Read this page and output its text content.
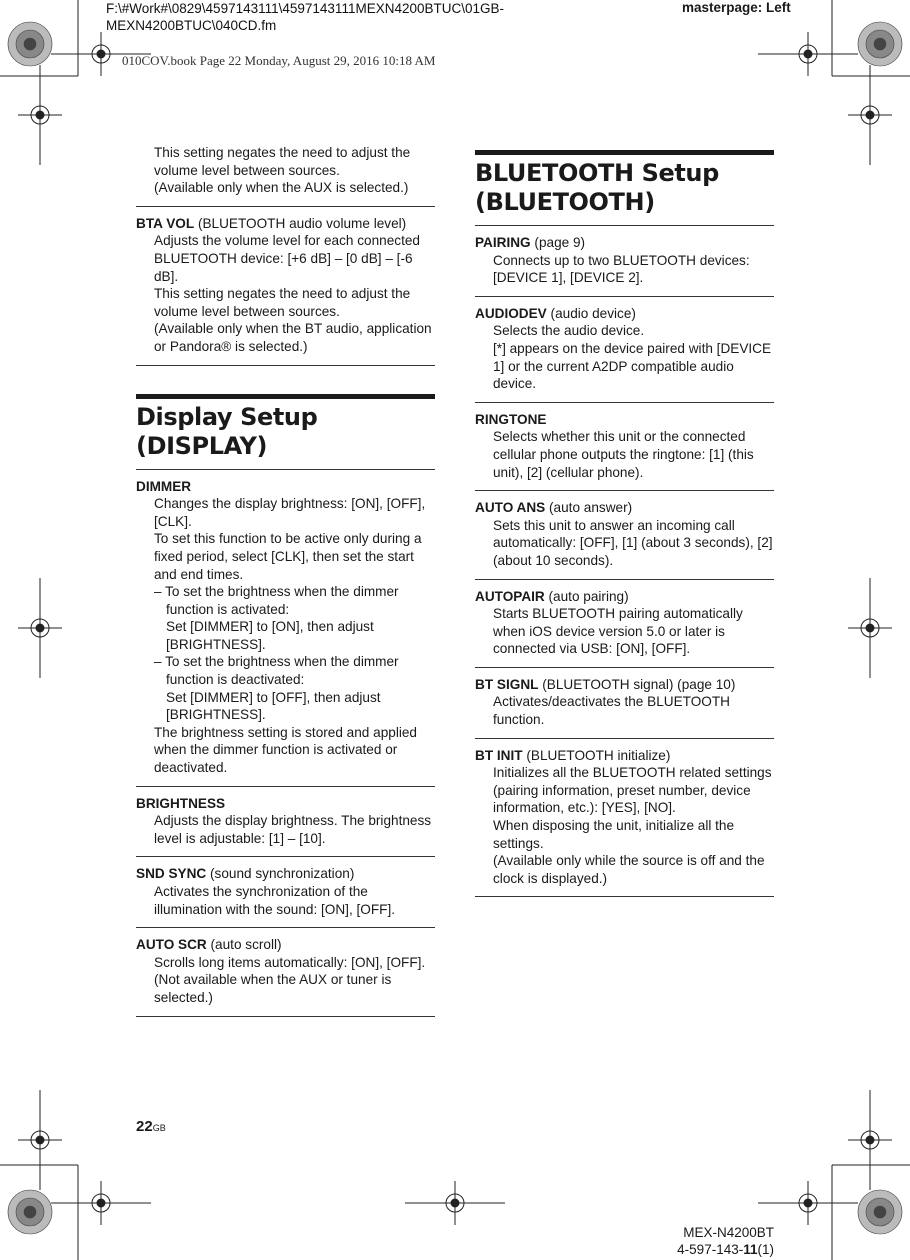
F:\#Work#\0829\4597143111\4597143111MEXN4200BTUC\01GB-
MEXN4200BTUC\040CD.fm
masterpage: Left
010COV.book Page 22 Monday, August 29, 2016 10:18 AM

This setting negates the need to adjust the volume level between sources.

(Available only when the AUX is selected.)

BTA VOL (BLUETOOTH audio volume level)

Adjusts the volume level for each connected BLUETOOTH device: [+6 dB] – [0 dB] – [-6 dB].

This setting negates the need to adjust the volume level between sources.

(Available only when the BT audio, application or Pandora® is selected.)

Display Setup (DISPLAY)

DIMMER

Changes the display brightness: [ON], [OFF], [CLK].

To set this function to be active only during a fixed period, select [CLK], then set the start and end times.

– To set the brightness when the dimmer function is activated:
Set [DIMMER] to [ON], then adjust [BRIGHTNESS].

– To set the brightness when the dimmer function is deactivated:
Set [DIMMER] to [OFF], then adjust [BRIGHTNESS].

The brightness setting is stored and applied when the dimmer function is activated or deactivated.

BRIGHTNESS

Adjusts the display brightness. The brightness level is adjustable: [1] – [10].

SND SYNC (sound synchronization)

Activates the synchronization of the illumination with the sound: [ON], [OFF].

AUTO SCR (auto scroll)

Scrolls long items automatically: [ON], [OFF].

(Not available when the AUX or tuner is selected.)

BLUETOOTH Setup
(BLUETOOTH)

PAIRING (page 9)

Connects up to two BLUETOOTH devices: [DEVICE 1], [DEVICE 2].

AUDIODEV (audio device)

Selects the audio device.

[*] appears on the device paired with [DEVICE 1] or the current A2DP compatible audio device.

RINGTONE

Selects whether this unit or the connected cellular phone outputs the ringtone: [1] (this unit), [2] (cellular phone).

AUTO ANS (auto answer)

Sets this unit to answer an incoming call automatically: [OFF], [1] (about 3 seconds), [2] (about 10 seconds).

AUTOPAIR (auto pairing)

Starts BLUETOOTH pairing automatically when iOS device version 5.0 or later is connected via USB: [ON], [OFF].

BT SIGNL (BLUETOOTH signal) (page 10)

Activates/deactivates the BLUETOOTH function.

BT INIT (BLUETOOTH initialize)

Initializes all the BLUETOOTH related settings (pairing information, preset number, device information, etc.): [YES], [NO].

When disposing the unit, initialize all the settings.

(Available only while the source is off and the clock is displayed.)

22GB
MEX-N4200BT
4-597-143-11(1)
